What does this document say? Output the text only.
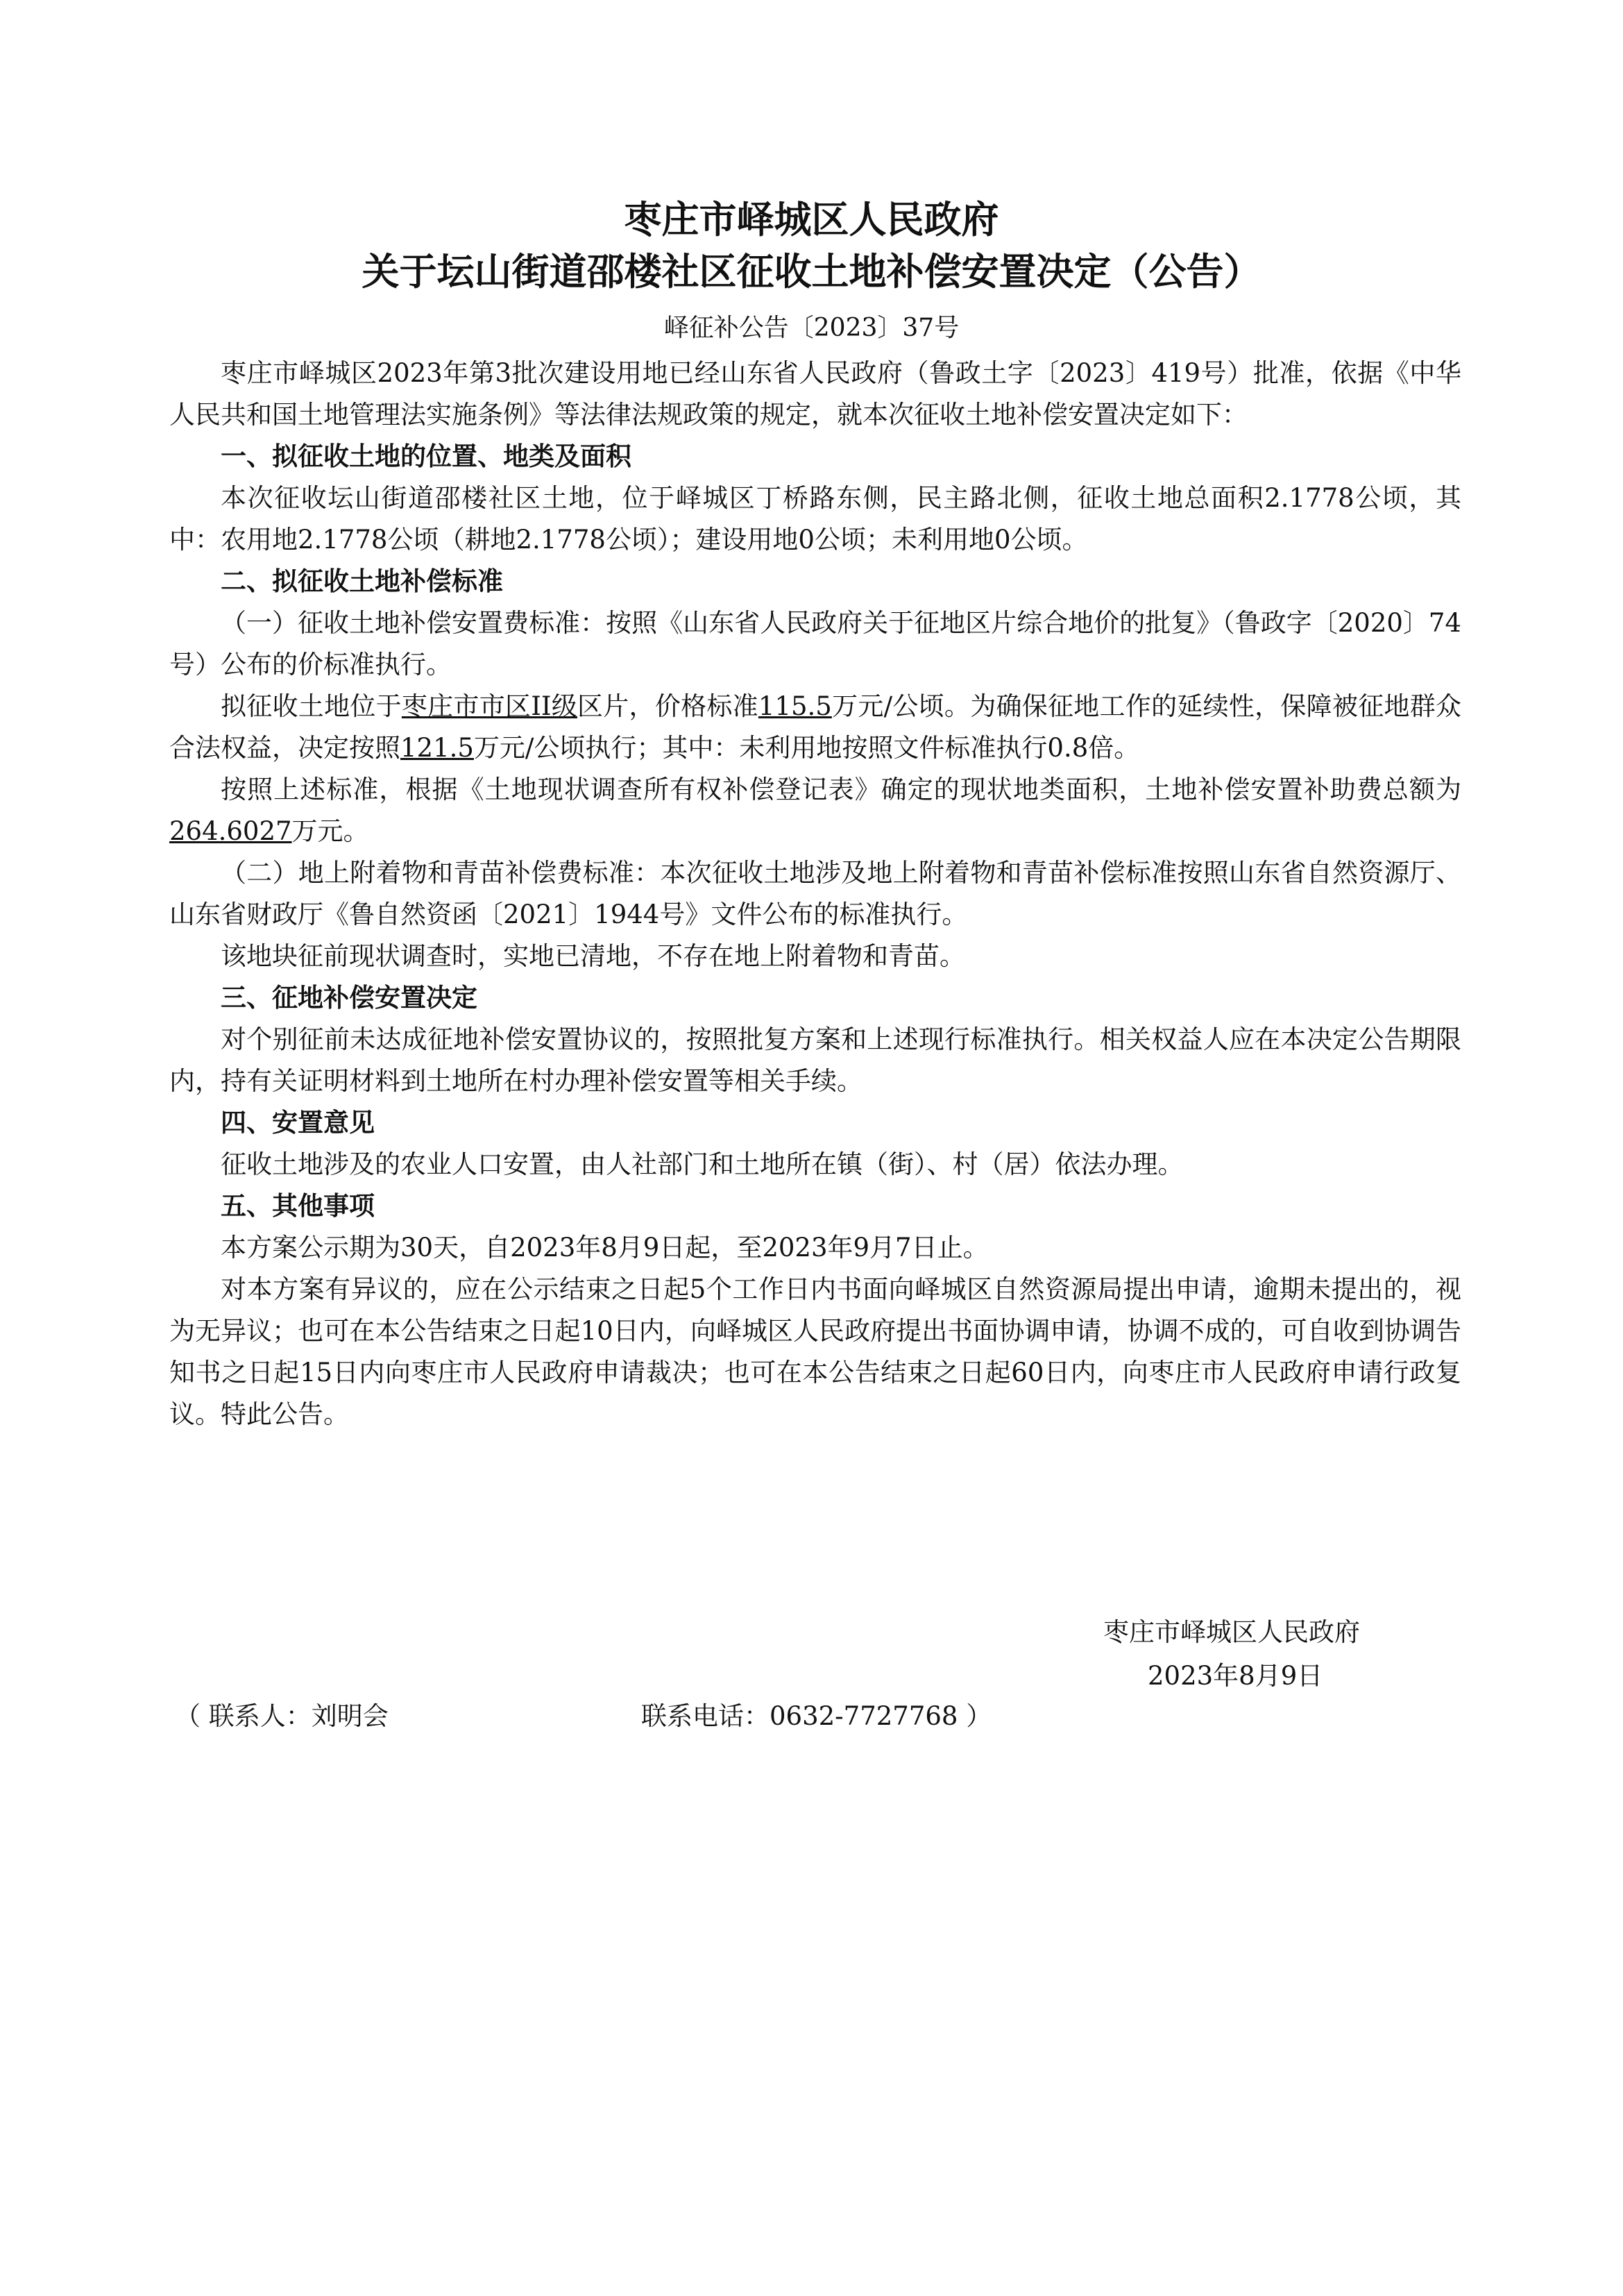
枣庄市峄城区人民政府
关于坛山街道邵楼社区征收土地补偿安置决定（公告）

峄征补公告〔2023〕37号

枣庄市峄城区2023年第3批次建设用地已经山东省人民政府（鲁政土字〔2023〕419号）批准，依据《中华人民共和国土地管理法实施条例》等法律法规政策的规定，就本次征收土地补偿安置决定如下：

一、拟征收土地的位置、地类及面积

本次征收坛山街道邵楼社区土地，位于峄城区丁桥路东侧，民主路北侧，征收土地总面积2.1778公顷，其中：农用地2.1778公顷（耕地2.1778公顷）；建设用地0公顷；未利用地0公顷。

二、拟征收土地补偿标准

（一）征收土地补偿安置费标准：按照《山东省人民政府关于征地区片综合地价的批复》（鲁政字〔2020〕74号）公布的价标准执行。

拟征收土地位于枣庄市市区II级区片，价格标准115.5万元/公顷。为确保征地工作的延续性，保障被征地群众合法权益，决定按照121.5万元/公顷执行；其中：未利用地按照文件标准执行0.8倍。

按照上述标准，根据《土地现状调查所有权补偿登记表》确定的现状地类面积，土地补偿安置补助费总额为264.6027万元。

（二）地上附着物和青苗补偿费标准：本次征收土地涉及地上附着物和青苗补偿标准按照山东省自然资源厅、山东省财政厅《鲁自然资函〔2021〕1944号》文件公布的标准执行。

该地块征前现状调查时，实地已清地，不存在地上附着物和青苗。

三、征地补偿安置决定

对个别征前未达成征地补偿安置协议的，按照批复方案和上述现行标准执行。相关权益人应在本决定公告期限内，持有关证明材料到土地所在村办理补偿安置等相关手续。

四、安置意见

征收土地涉及的农业人口安置，由人社部门和土地所在镇（街）、村（居）依法办理。

五、其他事项

本方案公示期为30天，自2023年8月9日起，至2023年9月7日止。

对本方案有异议的，应在公示结束之日起5个工作日内书面向峄城区自然资源局提出申请，逾期未提出的，视为无异议；也可在本公告结束之日起10日内，向峄城区人民政府提出书面协调申请，协调不成的，可自收到协调告知书之日起15日内向枣庄市人民政府申请裁决；也可在本公告结束之日起60日内，向枣庄市人民政府申请行政复议。特此公告。

枣庄市峄城区人民政府

2023年8月9日

（ 联系人：刘明会	联系电话：0632-7727768 ）
